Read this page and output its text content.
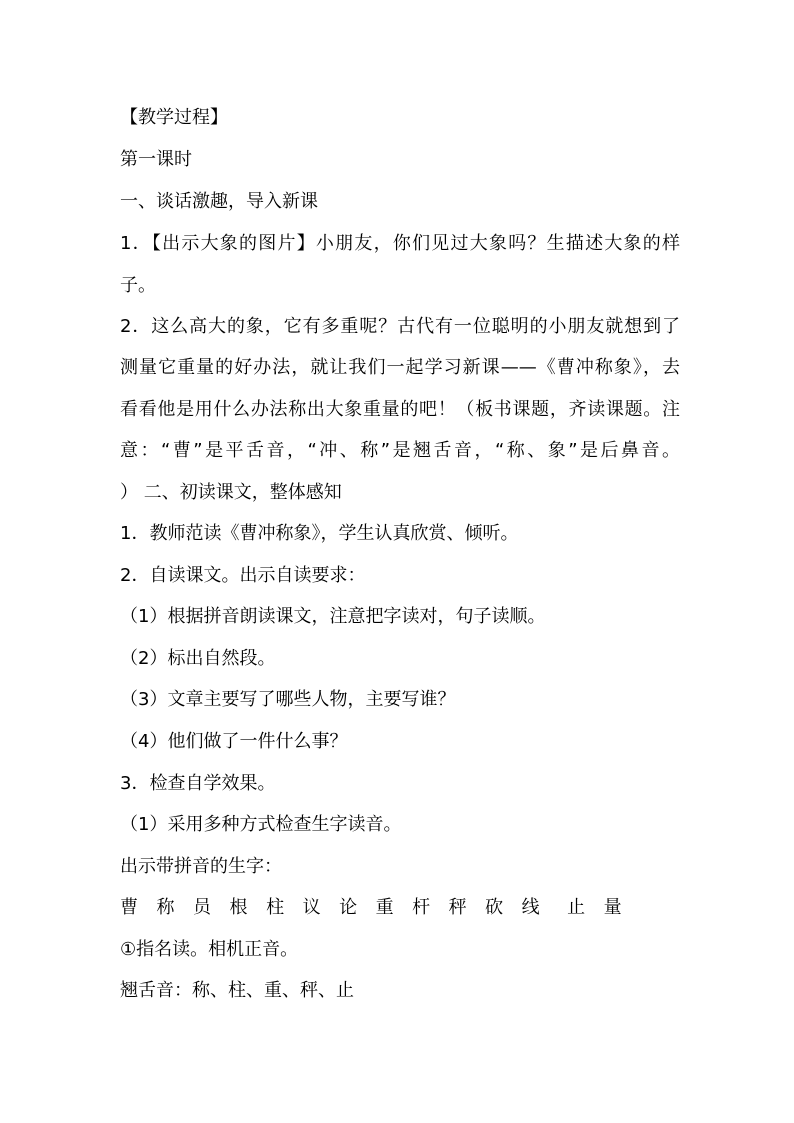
【教学过程】
第一课时
一、谈话激趣，导入新课
1．【出示大象的图片】小朋友，你们见过大象吗？生描述大象的样
子。
2．这么高大的象，它有多重呢？古代有一位聪明的小朋友就想到了
测量它重量的好办法，就让我们一起学习新课——《曹冲称象》，去
看看他是用什么办法称出大象重量的吧！（板书课题，齐读课题。注
意：“曹”是平舌音，“冲、称”是翘舌音，“称、象”是后鼻音。
） 二、初读课文，整体感知
1．教师范读《曹冲称象》，学生认真欣赏、倾听。
2．自读课文。出示自读要求：
（1）根据拼音朗读课文，注意把字读对，句子读顺。
（2）标出自然段。
（3）文章主要写了哪些人物，主要写谁？
（4）他们做了一件什么事？
3．检查自学效果。
（1）采用多种方式检查生字读音。
出示带拼音的生字：
曹	称	员	根	柱	议	论	重	杆	秤	砍	线	止	量
①指名读。相机正音。
翘舌音：称、柱、重、秤、止
